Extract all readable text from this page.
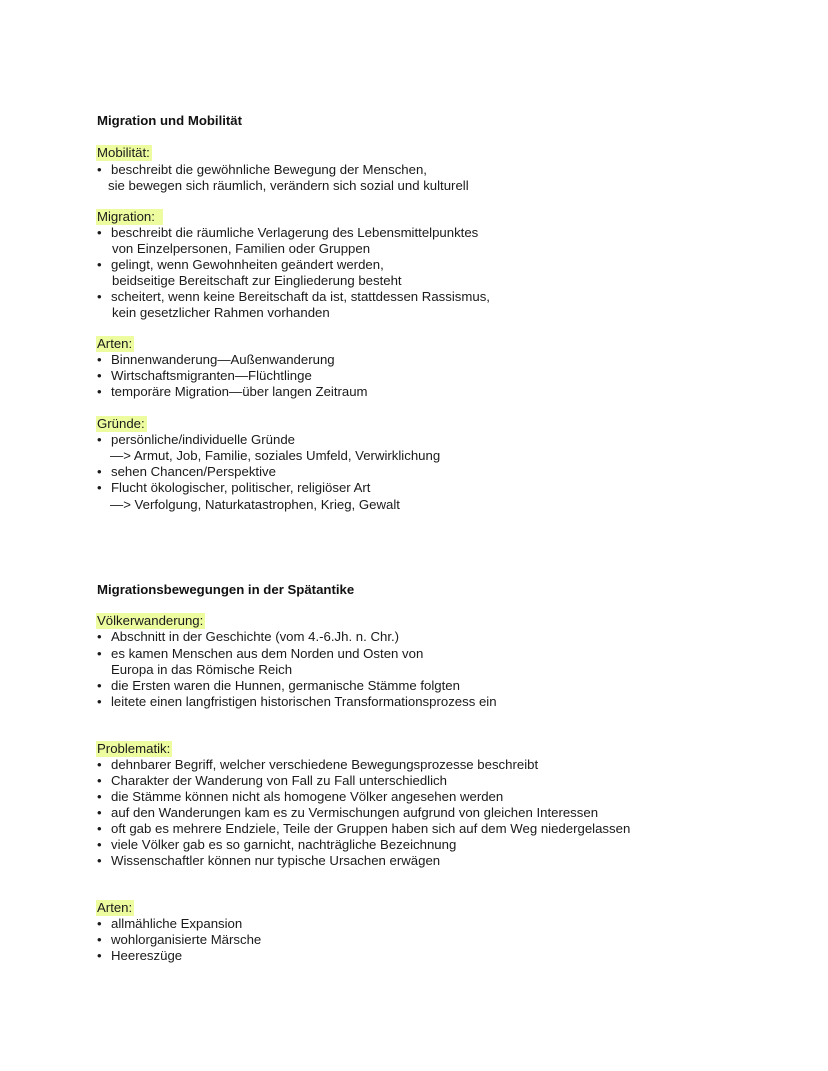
Migration und Mobilität
Mobilität:
• beschreibt die gewöhnliche Bewegung der Menschen,
sie bewegen sich räumlich, verändern sich sozial und kulturell
Migration:
• beschreibt die räumliche Verlagerung des Lebensmittelpunktes
von Einzelpersonen, Familien oder Gruppen
• gelingt, wenn Gewohnheiten geändert werden,
beidseitige Bereitschaft zur Eingliederung besteht
• scheitert, wenn keine Bereitschaft da ist, stattdessen Rassismus,
kein gesetzlicher Rahmen vorhanden
Arten:
• Binnenwanderung—Außenwanderung
• Wirtschaftsmigranten—Flüchtlinge
• temporäre Migration—über langen Zeitraum
Gründe:
• persönliche/individuelle Gründe
—> Armut, Job, Familie, soziales Umfeld, Verwirklichung
• sehen Chancen/Perspektive
• Flucht ökologischer, politischer, religiöser Art
—> Verfolgung, Naturkatastrophen, Krieg, Gewalt
Migrationsbewegungen in der Spätantike
Völkerwanderung:
• Abschnitt in der Geschichte (vom 4.-6.Jh. n. Chr.)
• es kamen Menschen aus dem Norden und Osten von
Europa in das Römische Reich
• die Ersten waren die Hunnen, germanische Stämme folgten
• leitete einen langfristigen historischen Transformationsprozess ein
Problematik:
• dehnbarer Begriff, welcher verschiedene Bewegungsprozesse beschreibt
• Charakter der Wanderung von Fall zu Fall unterschiedlich
• die Stämme können nicht als homogene Völker angesehen werden
• auf den Wanderungen kam es zu Vermischungen aufgrund von gleichen Interessen
• oft gab es mehrere Endziele, Teile der Gruppen haben sich auf dem Weg niedergelassen
• viele Völker gab es so garnicht, nachträgliche Bezeichnung
• Wissenschaftler können nur typische Ursachen erwägen
Arten:
• allmähliche Expansion
• wohlorganisierte Märsche
• Heereszüge
